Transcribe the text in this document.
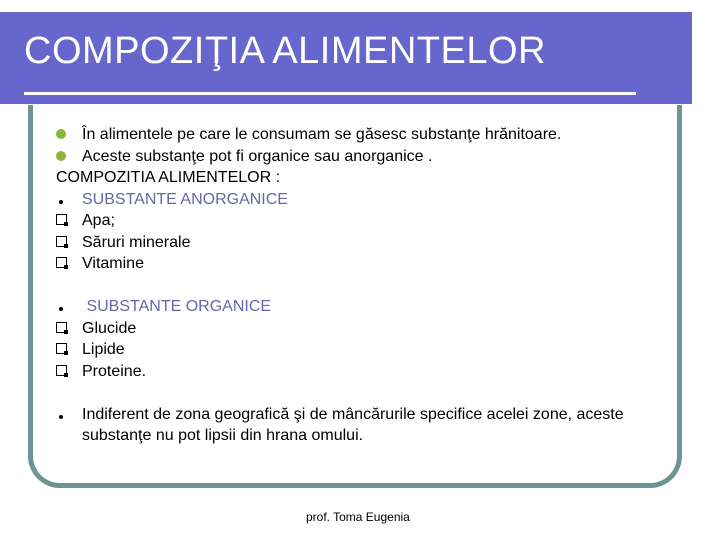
COMPOZIŢIA ALIMENTELOR
În alimentele pe care le consumam se găsesc substanţe hrănitoare.
Aceste substanţe pot fi organice sau anorganice .
COMPOZITIA ALIMENTELOR :
SUBSTANTE ANORGANICE
Apa;
Săruri minerale
Vitamine
SUBSTANTE ORGANICE
Glucide
Lipide
Proteine.
Indiferent de zona geografică şi de mâncărurile specifice acelei zone, aceste substanţe nu pot lipsii din hrana omului.
prof. Toma Eugenia
